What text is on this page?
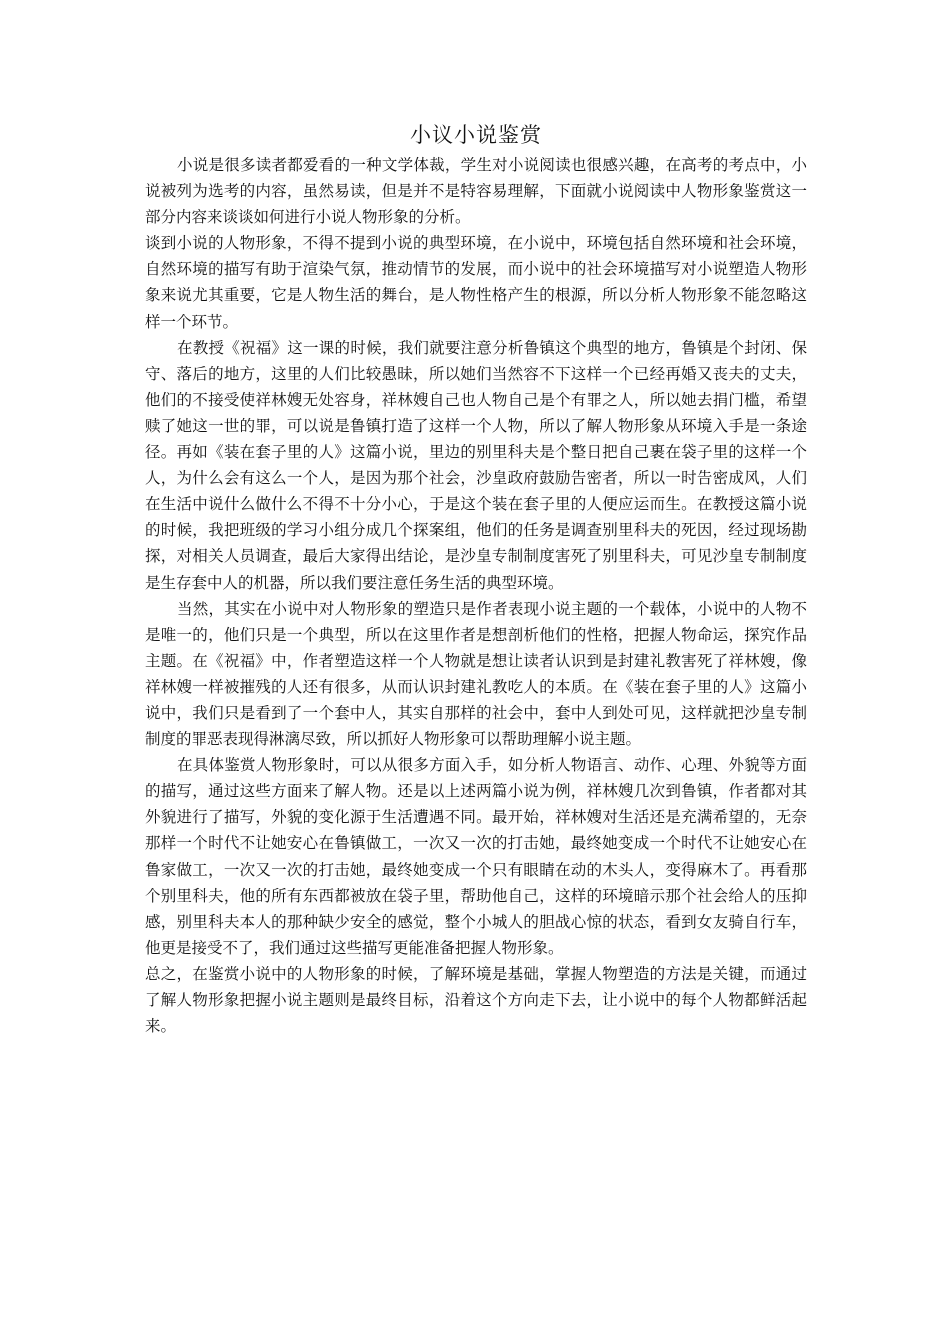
小议小说鉴赏

小说是很多读者都爱看的一种文学体裁，学生对小说阅读也很感兴趣，在高考的考点中，小说被列为选考的内容，虽然易读，但是并不是特容易理解，下面就小说阅读中人物形象鉴赏这一部分内容来谈谈如何进行小说人物形象的分析。

谈到小说的人物形象，不得不提到小说的典型环境，在小说中，环境包括自然环境和社会环境，自然环境的描写有助于渲染气氛，推动情节的发展，而小说中的社会环境描写对小说塑造人物形象来说尤其重要，它是人物生活的舞台，是人物性格产生的根源，所以分析人物形象不能忽略这样一个环节。

在教授《祝福》这一课的时候，我们就要注意分析鲁镇这个典型的地方，鲁镇是个封闭、保守、落后的地方，这里的人们比较愚昧，所以她们当然容不下这样一个已经再婚又丧夫的丈夫，他们的不接受使祥林嫂无处容身，祥林嫂自己也人物自己是个有罪之人，所以她去捐门槛，希望赎了她这一世的罪，可以说是鲁镇打造了这样一个人物，所以了解人物形象从环境入手是一条途径。再如《装在套子里的人》这篇小说，里边的别里科夫是个整日把自己裹在袋子里的这样一个人，为什么会有这么一个人，是因为那个社会，沙皇政府鼓励告密者，所以一时告密成风，人们在生活中说什么做什么不得不十分小心，于是这个装在套子里的人便应运而生。在教授这篇小说的时候，我把班级的学习小组分成几个探案组，他们的任务是调查别里科夫的死因，经过现场勘探，对相关人员调查，最后大家得出结论，是沙皇专制制度害死了别里科夫，可见沙皇专制制度是生存套中人的机器，所以我们要注意任务生活的典型环境。

当然，其实在小说中对人物形象的塑造只是作者表现小说主题的一个载体，小说中的人物不是唯一的，他们只是一个典型，所以在这里作者是想剖析他们的性格，把握人物命运，探究作品主题。在《祝福》中，作者塑造这样一个人物就是想让读者认识到是封建礼教害死了祥林嫂，像祥林嫂一样被摧残的人还有很多，从而认识封建礼教吃人的本质。在《装在套子里的人》这篇小说中，我们只是看到了一个套中人，其实自那样的社会中，套中人到处可见，这样就把沙皇专制制度的罪恶表现得淋漓尽致，所以抓好人物形象可以帮助理解小说主题。

在具体鉴赏人物形象时，可以从很多方面入手，如分析人物语言、动作、心理、外貌等方面的描写，通过这些方面来了解人物。还是以上述两篇小说为例，祥林嫂几次到鲁镇，作者都对其外貌进行了描写，外貌的变化源于生活遭遇不同。最开始，祥林嫂对生活还是充满希望的，无奈那样一个时代不让她安心在鲁镇做工，一次又一次的打击她，最终她变成一个时代不让她安心在鲁家做工，一次又一次的打击她，最终她变成一个只有眼睛在动的木头人，变得麻木了。再看那个别里科夫，他的所有东西都被放在袋子里，帮助他自己，这样的环境暗示那个社会给人的压抑感，别里科夫本人的那种缺少安全的感觉，整个小城人的胆战心惊的状态，看到女友骑自行车，他更是接受不了，我们通过这些描写更能准备把握人物形象。

总之，在鉴赏小说中的人物形象的时候，了解环境是基础，掌握人物塑造的方法是关键，而通过了解人物形象把握小说主题则是最终目标，沿着这个方向走下去，让小说中的每个人物都鲜活起来。
